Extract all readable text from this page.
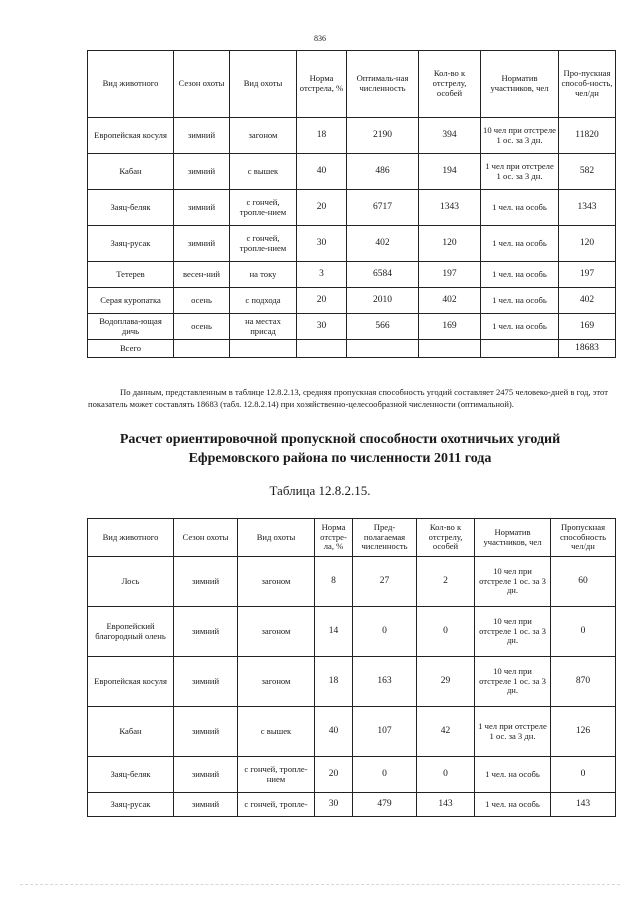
836
Вид животного	Сезон охоты	Вид охоты	Норма отстрела, %	Оптималь-ная численность	Кол-во к отстрелу, особей	Норматив участников, чел	Про-пускная способ-ность, чел/дн
Европейская косуля	зимний	загоном	18	2190	394	10 чел при отстреле 1 ос. за 3 дн.	11820
Кабан	зимний	с вышек	40	486	194	1 чел при отстреле 1 ос. за 3 дн.	582
Заяц-беляк	зимний	с гончей, тропле-нием	20	6717	1343	1 чел. на особь	1343
Заяц-русак	зимний	с гончей, тропле-нием	30	402	120	1 чел. на особь	120
Тетерев	весен-ний	на току	3	6584	197	1 чел. на особь	197
Серая куропатка	осень	с подхода	20	2010	402	1 чел. на особь	402
Водоплава-ющая дичь	осень	на местах присад	30	566	169	1 чел. на особь	169
Всего							18683

По данным, представленным в таблице 12.8.2.13, средняя пропускная способность угодий составляет 2475 человеко-дней в год, этот показатель может составлять 18683 (табл. 12.8.2.14) при хозяйственно-целесообразной численности (оптимальной).

Расчет ориентировочной пропускной способности охотничьих угодий
Ефремовского района по численности 2011 года
Таблица 12.8.2.15.
Вид животного	Сезон охоты	Вид охоты	Норма отстре-ла, %	Пред-полагаемая численность	Кол-во к отстрелу, особей	Норматив участников, чел	Пропускная способность чел/дн
Лось	зимний	загоном	8	27	2	10 чел при отстреле 1 ос. за 3 дн.	60
Европейский благородный олень	зимний	загоном	14	0	0	10 чел при отстреле 1 ос. за 3 дн.	0
Европейская косуля	зимний	загоном	18	163	29	10 чел при отстреле 1 ос. за 3 дн.	870
Кабан	зимний	с вышек	40	107	42	1 чел при отстреле 1 ос. за 3 дн.	126
Заяц-беляк	зимний	с гончей, тропле-нием	20	0	0	1 чел. на особь	0
Заяц-русак	зимний	с гончей, тропле-	30	479	143	1 чел. на особь	143
